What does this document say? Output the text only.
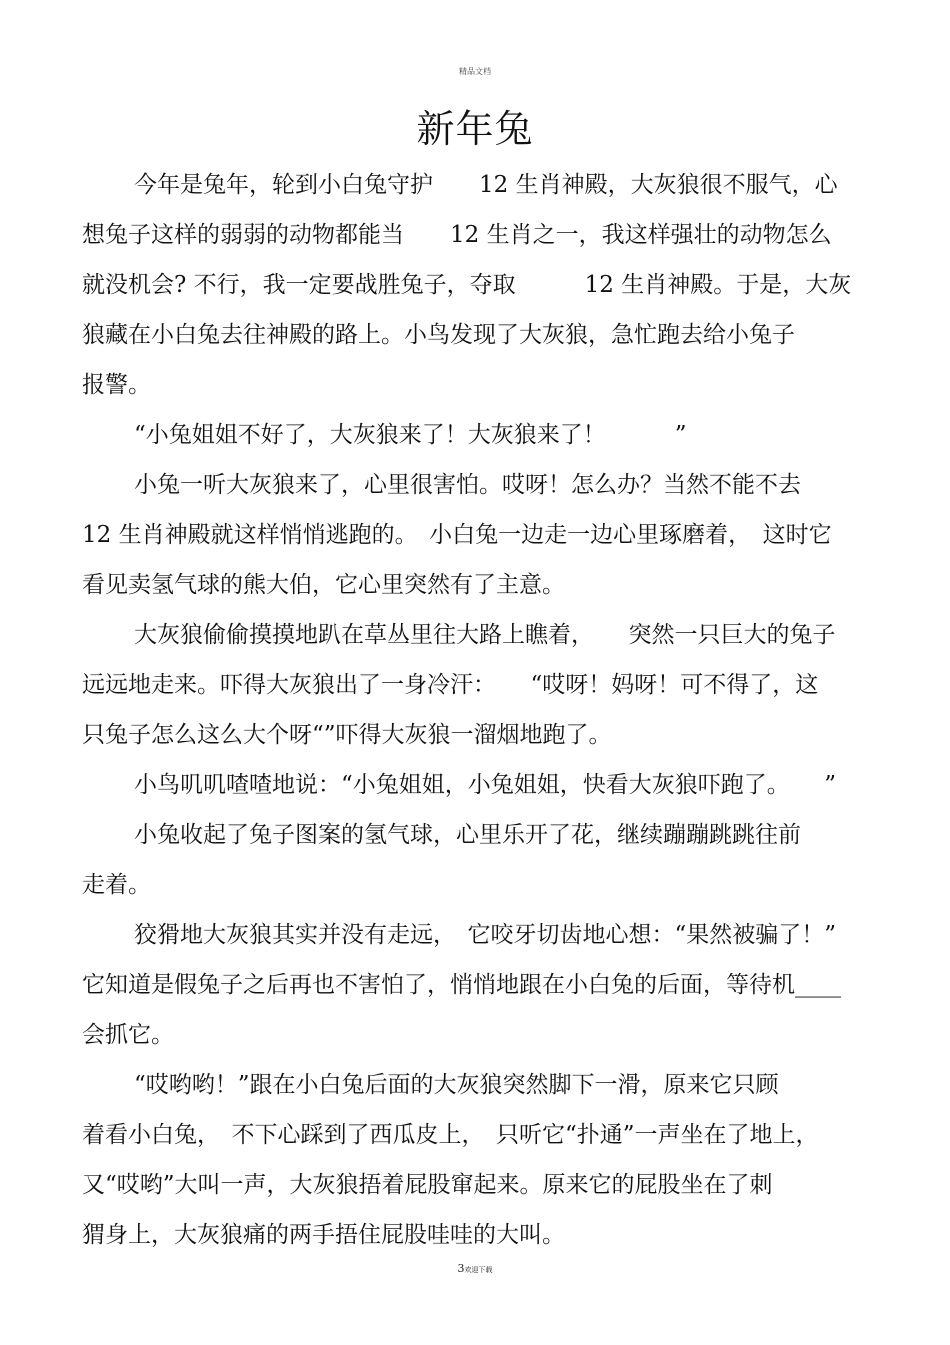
精品文档
新年兔
今年是兔年，轮到小白兔守护　　12 生肖神殿，大灰狼很不服气，心
想兔子这样的弱弱的动物都能当　　12 生肖之一，我这样强壮的动物怎么
就没机会? 不行，我一定要战胜兔子，夺取　　　12 生肖神殿。于是，大灰
狼藏在小白兔去往神殿的路上。小鸟发现了大灰狼，急忙跑去给小兔子
报警。
“小兔姐姐不好了，大灰狼来了！大灰狼来了！　　　”
小兔一听大灰狼来了，心里很害怕。哎呀！怎么办？当然不能不去
12 生肖神殿就这样悄悄逃跑的。　小白兔一边走一边心里琢磨着，　这时它
看见卖氢气球的熊大伯，它心里突然有了主意。
大灰狼偷偷摸摸地趴在草丛里往大路上瞧着，　　突然一只巨大的兔子
远远地走来。吓得大灰狼出了一身冷汗：　　“哎呀！妈呀！可不得了，这
只兔子怎么这么大个呀“”吓得大灰狼一溜烟地跑了。
小鸟叽叽喳喳地说：“小兔姐姐，小兔姐姐，快看大灰狼吓跑了。　　”
小兔收起了兔子图案的氢气球，心里乐开了花，继续蹦蹦跳跳往前
走着。
狡猾地大灰狼其实并没有走远，　它咬牙切齿地心想：“果然被骗了！”
它知道是假兔子之后再也不害怕了，悄悄地跟在小白兔的后面，等待机____
会抓它。
“哎哟哟！”跟在小白兔后面的大灰狼突然脚下一滑，原来它只顾
着看小白兔，　不下心踩到了西瓜皮上，　只听它“扑通”一声坐在了地上，
又“哎哟”大叫一声，大灰狼捂着屁股窜起来。原来它的屁股坐在了刺
猬身上，大灰狼痛的两手捂住屁股哇哇的大叫。
3欢迎下载
